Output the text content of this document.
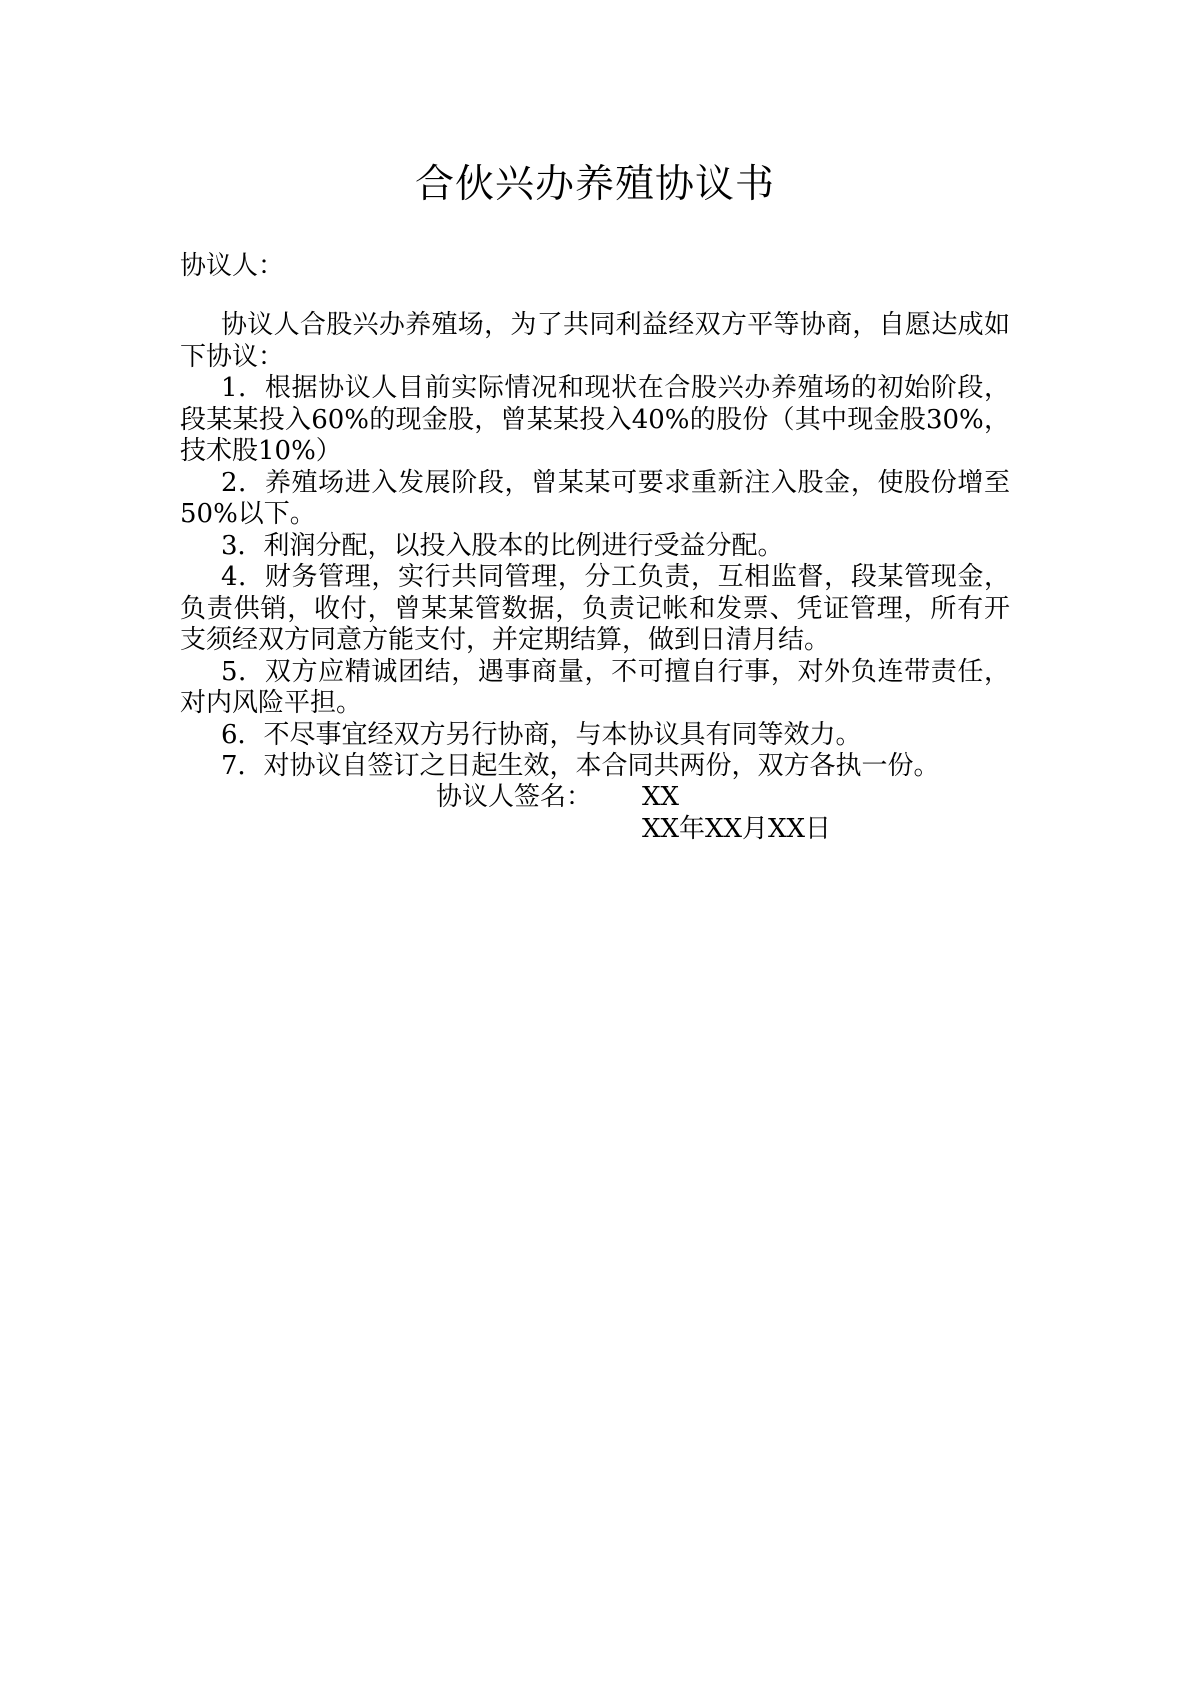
合伙兴办养殖协议书

协议人：

协议人合股兴办养殖场，为了共同利益经双方平等协商，自愿达成如下协议：

1．根据协议人目前实际情况和现状在合股兴办养殖场的初始阶段，段某某投入60%的现金股，曾某某投入40%的股份（其中现金股30%，技术股10%）

2．养殖场进入发展阶段，曾某某可要求重新注入股金，使股份增至50%以下。

3．利润分配，以投入股本的比例进行受益分配。

4．财务管理，实行共同管理，分工负责，互相监督，段某管现金，负责供销，收付，曾某某管数据，负责记帐和发票、凭证管理，所有开支须经双方同意方能支付，并定期结算，做到日清月结。

5．双方应精诚团结，遇事商量，不可擅自行事，对外负连带责任，对内风险平担。

6．不尽事宜经双方另行协商，与本协议具有同等效力。

7．对协议自签订之日起生效，本合同共两份，双方各执一份。

协议人签名：	XX
XX年XX月XX日
